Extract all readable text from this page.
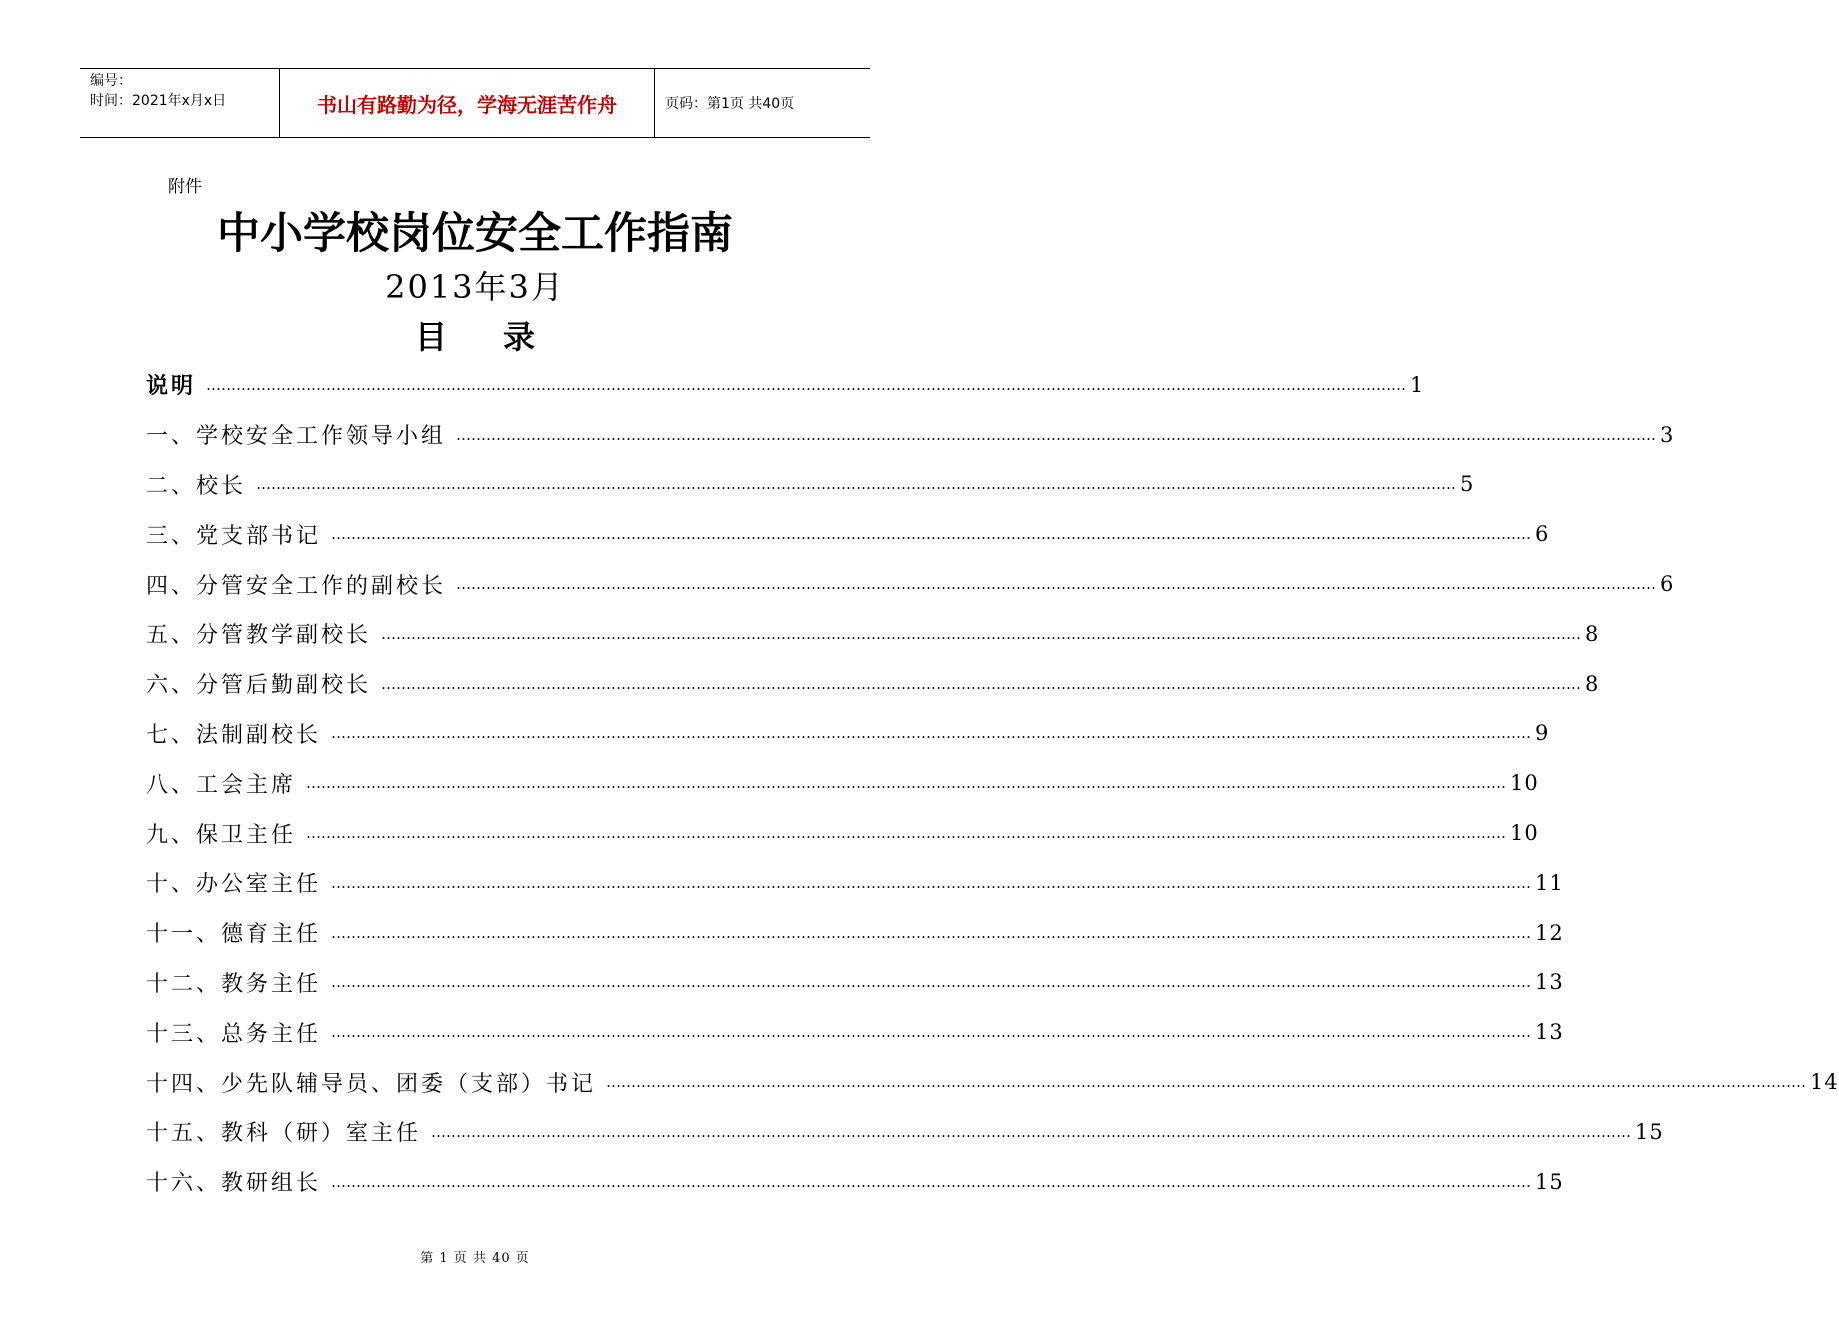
编号：
时间：2021年x月x日	书山有路勤为径，学海无涯苦作舟	页码：第1页 共40页
附件
中小学校岗位安全工作指南
2013年3月
目录
说明 …………………………………………………………………………………………………………………………………………………………………………………………………………………… 1
一、学校安全工作领导小组 …………………………………………………………………………………………………………………………………………………………………………………………………………………… 3
二、校长 …………………………………………………………………………………………………………………………………………………………………………………………………………………… 5
三、党支部书记 …………………………………………………………………………………………………………………………………………………………………………………………………………………… 6
四、分管安全工作的副校长 …………………………………………………………………………………………………………………………………………………………………………………………………………………… 6
五、分管教学副校长 …………………………………………………………………………………………………………………………………………………………………………………………………………………… 8
六、分管后勤副校长 …………………………………………………………………………………………………………………………………………………………………………………………………………………… 8
七、法制副校长 …………………………………………………………………………………………………………………………………………………………………………………………………………………… 9
八、工会主席 …………………………………………………………………………………………………………………………………………………………………………………………………………………… 10
九、保卫主任 …………………………………………………………………………………………………………………………………………………………………………………………………………………… 10
十、办公室主任 …………………………………………………………………………………………………………………………………………………………………………………………………………………… 11
十一、德育主任 …………………………………………………………………………………………………………………………………………………………………………………………………………………… 12
十二、教务主任 …………………………………………………………………………………………………………………………………………………………………………………………………………………… 13
十三、总务主任 …………………………………………………………………………………………………………………………………………………………………………………………………………………… 13
十四、少先队辅导员、团委（支部）书记 …………………………………………………………………………………………………………………………………………………………………………………………………………………… 14
十五、教科（研）室主任 …………………………………………………………………………………………………………………………………………………………………………………………………………………… 15
十六、教研组长 …………………………………………………………………………………………………………………………………………………………………………………………………………………… 15
第 1 页 共 40 页
